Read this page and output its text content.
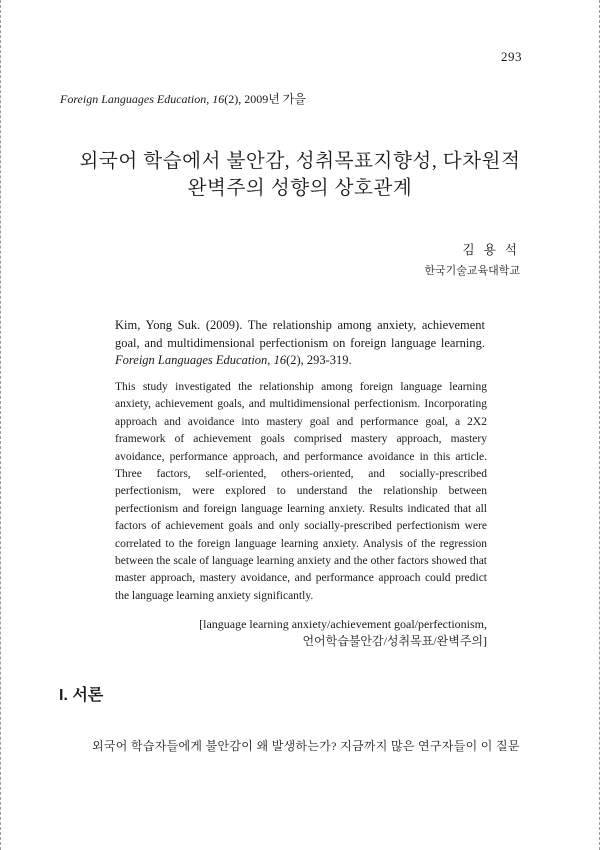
293
Foreign Languages Education, 16(2), 2009년 가을
외국어 학습에서 불안감, 성취목표지향성, 다차원적
완벽주의 성향의 상호관계
김 용 석
한국기술교육대학교

Kim, Yong Suk. (2009). The relationship among anxiety, achievement goal, and multidimensional perfectionism on foreign language learning. Foreign Languages Education, 16(2), 293-319.

This study investigated the relationship among foreign language learning anxiety, achievement goals, and multidimensional perfectionism. Incorporating approach and avoidance into mastery goal and performance goal, a 2X2 framework of achievement goals comprised mastery approach, mastery avoidance, performance approach, and performance avoidance in this article. Three factors, self-oriented, others-oriented, and socially-prescribed perfectionism, were explored to understand the relationship between perfectionism and foreign language learning anxiety. Results indicated that all factors of achievement goals and only socially-prescribed perfectionism were correlated to the foreign language learning anxiety. Analysis of the regression between the scale of language learning anxiety and the other factors showed that master approach, mastery avoidance, and performance approach could predict the language learning anxiety significantly.

[language learning anxiety/achievement goal/perfectionism,
언어학습불안감/성취목표/완벽주의]
I. 서론

외국어 학습자들에게 불안감이 왜 발생하는가? 지금까지 많은 연구자들이 이 질문
